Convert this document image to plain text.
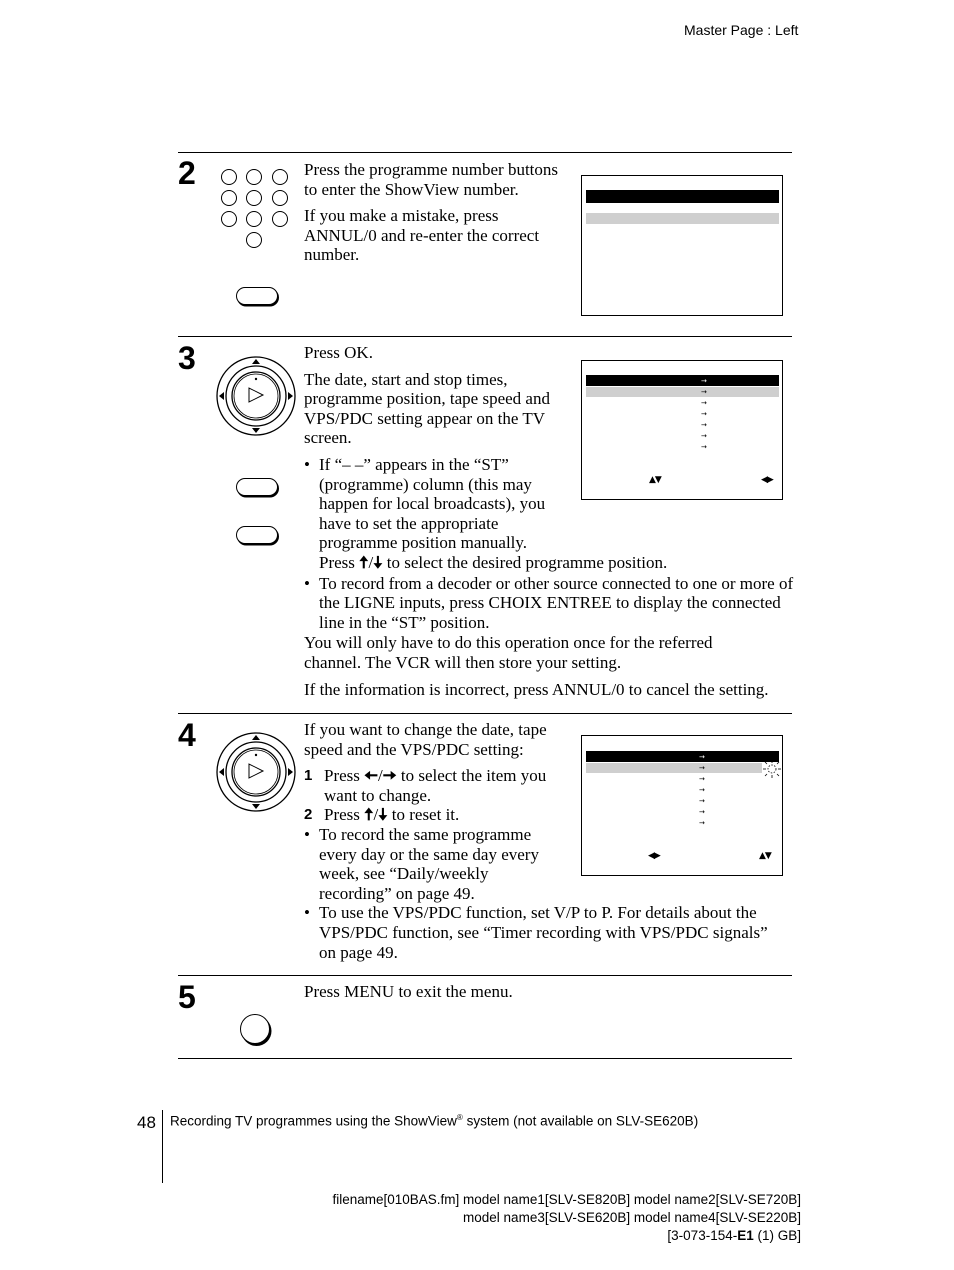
Master Page : Left
2	Press the programme number buttons to enter the ShowView number.

If you make a mistake, press ANNUL/0 and re-enter the correct number.

3	Press OK.

The date, start and stop times, programme position, tape speed and VPS/PDC setting appear on the TV screen.

• If “– –” appears in the “ST” (programme) column (this may happen for local broadcasts), you have to set the appropriate programme position manually.
Press 🠅/🠇 to select the desired programme position.
• To record from a decoder or other source connected to one or more of the LIGNE inputs, press CHOIX ENTREE to display the connected line in the “ST” position.

You will only have to do this operation once for the referred channel. The VCR will then store your setting.

If the information is incorrect, press ANNUL/0 to cancel the setting.

→
→
→
→
→
→
→
▲▼	◀▶
4	If you want to change the date, tape speed and the VPS/PDC setting:

1 Press 🠄/🠆 to select the item you want to change.
2 Press 🠅/🠇 to reset it.
• To record the same programme every day or the same day every week, see “Daily/weekly recording” on page 49.
• To use the VPS/PDC function, set V/P to P. For details about the VPS/PDC function, see “Timer recording with VPS/PDC signals” on page 49.
→
→
→
→
→
→
→
◀▶	▲▼
5	Press MENU to exit the menu.

48 Recording TV programmes using the ShowView® system (not available on SLV-SE620B)
filename[010BAS.fm] model name1[SLV-SE820B] model name2[SLV-SE720B]
model name3[SLV-SE620B] model name4[SLV-SE220B]
[3-073-154-E1 (1) GB]
